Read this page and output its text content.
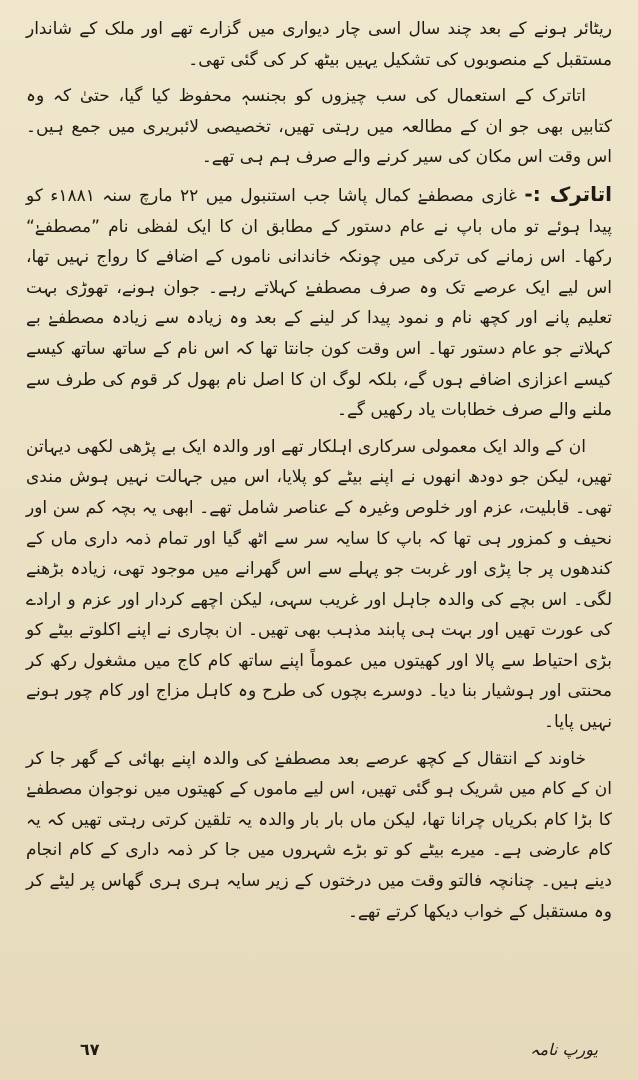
ریٹائر ہونے کے بعد چند سال اسی چار دیواری میں گزارے تھے اور ملک کے شاندار مستقبل کے منصوبوں کی تشکیل یہیں بیٹھ کر کی گئی تھی۔

اتاترک کے استعمال کی سب چیزوں کو بجنسہٖ محفوظ کیا گیا، حتیٰ کہ وہ کتابیں بھی جو ان کے مطالعہ میں رہتی تھیں، تخصیصی لائبریری میں جمع ہیں۔ اس وقت اس مکان کی سیر کرنے والے صرف ہم ہی تھے۔

اتاترک :- غازی مصطفےٰ کمال پاشا جب استنبول میں ۲۲ مارچ سنہ ۱۸۸۱ء کو پیدا ہوئے تو ماں باپ نے عام دستور کے مطابق ان کا ایک لفظی نام ”مصطفےٰ“ رکھا۔ اس زمانے کی ترکی میں چونکہ خاندانی ناموں کے اضافے کا رواج نہیں تھا، اس لیے ایک عرصے تک وہ صرف مصطفےٰ کہلاتے رہے۔ جوان ہونے، تھوڑی بہت تعلیم پانے اور کچھ نام و نمود پیدا کر لینے کے بعد وہ زیادہ سے زیادہ مصطفےٰ بے کہلاتے جو عام دستور تھا۔ اس وقت کون جانتا تھا کہ اس نام کے ساتھ ساتھ کیسے کیسے اعزازی اضافے ہوں گے، بلکہ لوگ ان کا اصل نام بھول کر قوم کی طرف سے ملنے والے صرف خطابات یاد رکھیں گے۔

ان کے والد ایک معمولی سرکاری اہلکار تھے اور والدہ ایک بے پڑھی لکھی دیہاتن تھیں، لیکن جو دودھ انھوں نے اپنے بیٹے کو پلایا، اس میں جہالت نہیں ہوش مندی تھی۔ قابلیت، عزم اور خلوص وغیرہ کے عناصر شامل تھے۔ ابھی یہ بچہ کم سن اور نحیف و کمزور ہی تھا کہ باپ کا سایہ سر سے اٹھ گیا اور تمام ذمہ داری ماں کے کندھوں پر جا پڑی اور غربت جو پہلے سے اس گھرانے میں موجود تھی، زیادہ بڑھنے لگی۔ اس بچے کی والدہ جاہل اور غریب سہی، لیکن اچھے کردار اور عزم و ارادے کی عورت تھیں اور بہت ہی پابند مذہب بھی تھیں۔ ان بچاری نے اپنے اکلوتے بیٹے کو بڑی احتیاط سے پالا اور کھیتوں میں عموماً اپنے ساتھ کام کاج میں مشغول رکھ کر محنتی اور ہوشیار بنا دیا۔ دوسرے بچوں کی طرح وہ کاہل مزاج اور کام چور ہونے نہیں پایا۔

خاوند کے انتقال کے کچھ عرصے بعد مصطفےٰ کی والدہ اپنے بھائی کے گھر جا کر ان کے کام میں شریک ہو گئی تھیں، اس لیے ماموں کے کھیتوں میں نوجوان مصطفےٰ کا بڑا کام بکریاں چرانا تھا، لیکن ماں بار بار والدہ یہ تلقین کرتی رہتی تھیں کہ یہ کام عارضی ہے۔ میرے بیٹے کو تو بڑے شہروں میں جا کر ذمہ داری کے کام انجام دینے ہیں۔ چنانچہ فالتو وقت میں درختوں کے زیر سایہ ہری ہری گھاس پر لیٹے کر وہ مستقبل کے خواب دیکھا کرتے تھے۔

٦٧	یورپ نامہ
